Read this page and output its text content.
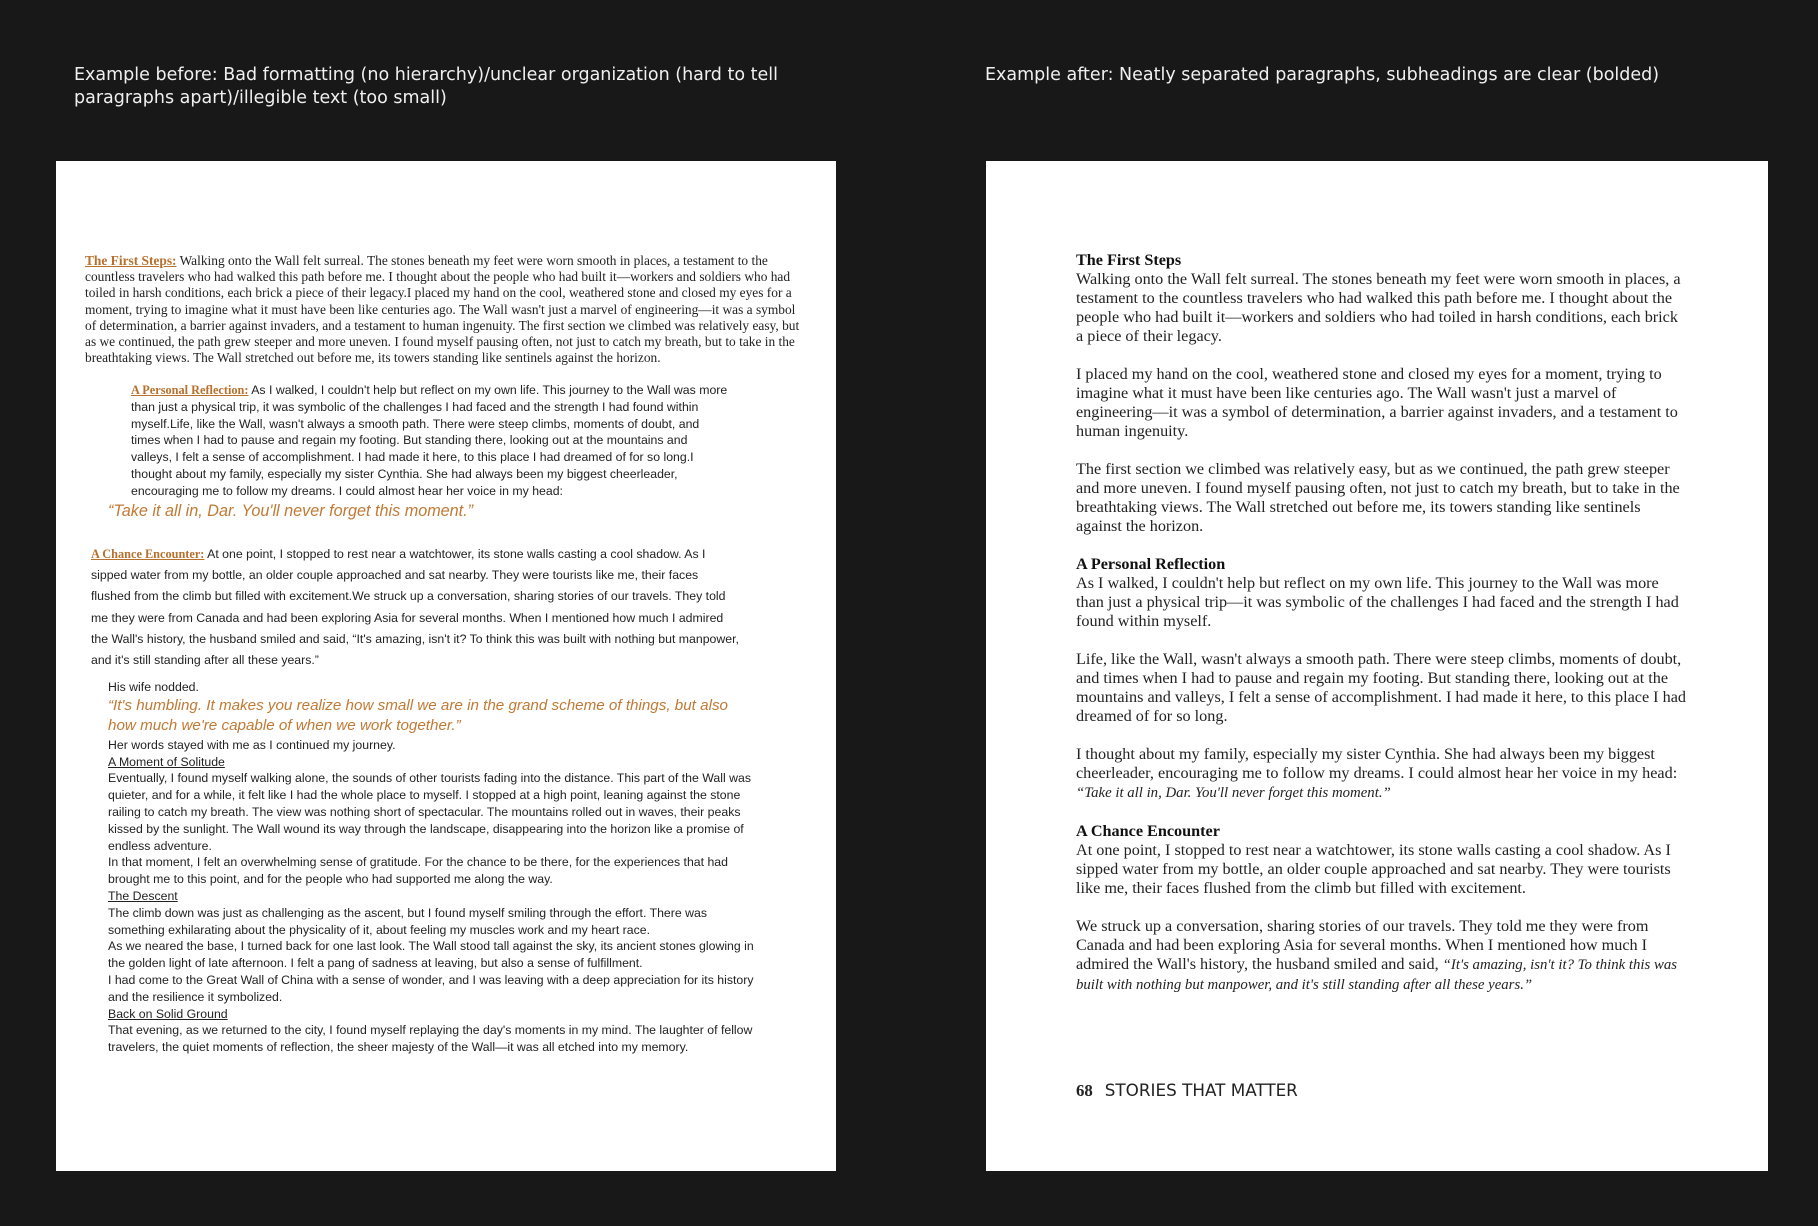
Example before: Bad formatting (no hierarchy)/unclear organization (hard to tell paragraphs apart)/illegible text (too small)
Example after: Neatly separated paragraphs, subheadings are clear (bolded)

The First Steps: Walking onto the Wall felt surreal. The stones beneath my feet were worn smooth in places, a testament to the countless travelers who had walked this path before me. I thought about the people who had built it—workers and soldiers who had toiled in harsh conditions, each brick a piece of their legacy.I placed my hand on the cool, weathered stone and closed my eyes for a moment, trying to imagine what it must have been like centuries ago. The Wall wasn't just a marvel of engineering—it was a symbol of determination, a barrier against invaders, and a testament to human ingenuity. The first section we climbed was relatively easy, but as we continued, the path grew steeper and more uneven. I found myself pausing often, not just to catch my breath, but to take in the breathtaking views. The Wall stretched out before me, its towers standing like sentinels against the horizon.

A Personal Reflection: As I walked, I couldn't help but reflect on my own life. This journey to the Wall was more than just a physical trip, it was symbolic of the challenges I had faced and the strength I had found within myself.Life, like the Wall, wasn't always a smooth path. There were steep climbs, moments of doubt, and times when I had to pause and regain my footing. But standing there, looking out at the mountains and valleys, I felt a sense of accomplishment. I had made it here, to this place I had dreamed of for so long.I thought about my family, especially my sister Cynthia. She had always been my biggest cheerleader, encouraging me to follow my dreams. I could almost hear her voice in my head:

“Take it all in, Dar. You'll never forget this moment.”

A Chance Encounter: At one point, I stopped to rest near a watchtower, its stone walls casting a cool shadow. As I sipped water from my bottle, an older couple approached and sat nearby. They were tourists like me, their faces flushed from the climb but filled with excitement.We struck up a conversation, sharing stories of our travels. They told me they were from Canada and had been exploring Asia for several months. When I mentioned how much I admired the Wall's history, the husband smiled and said, “It's amazing, isn't it? To think this was built with nothing but manpower, and it's still standing after all these years.”

His wife nodded.
“It's humbling. It makes you realize how small we are in the grand scheme of things, but also how much we're capable of when we work together.”
Her words stayed with me as I continued my journey.
A Moment of Solitude
Eventually, I found myself walking alone, the sounds of other tourists fading into the distance. This part of the Wall was quieter, and for a while, it felt like I had the whole place to myself. I stopped at a high point, leaning against the stone railing to catch my breath. The view was nothing short of spectacular. The mountains rolled out in waves, their peaks kissed by the sunlight. The Wall wound its way through the landscape, disappearing into the horizon like a promise of endless adventure.
In that moment, I felt an overwhelming sense of gratitude. For the chance to be there, for the experiences that had brought me to this point, and for the people who had supported me along the way.
The Descent
The climb down was just as challenging as the ascent, but I found myself smiling through the effort. There was something exhilarating about the physicality of it, about feeling my muscles work and my heart race.
As we neared the base, I turned back for one last look. The Wall stood tall against the sky, its ancient stones glowing in the golden light of late afternoon. I felt a pang of sadness at leaving, but also a sense of fulfillment.
I had come to the Great Wall of China with a sense of wonder, and I was leaving with a deep appreciation for its history and the resilience it symbolized.
Back on Solid Ground
That evening, as we returned to the city, I found myself replaying the day's moments in my mind. The laughter of fellow travelers, the quiet moments of reflection, the sheer majesty of the Wall—it was all etched into my memory.
The First Steps

Walking onto the Wall felt surreal. The stones beneath my feet were worn smooth in places, a testament to the countless travelers who had walked this path before me. I thought about the people who had built it—workers and soldiers who had toiled in harsh conditions, each brick a piece of their legacy.

I placed my hand on the cool, weathered stone and closed my eyes for a moment, trying to imagine what it must have been like centuries ago. The Wall wasn't just a marvel of engineering—it was a symbol of determination, a barrier against invaders, and a testament to human ingenuity.

The first section we climbed was relatively easy, but as we continued, the path grew steeper and more uneven. I found myself pausing often, not just to catch my breath, but to take in the breathtaking views. The Wall stretched out before me, its towers standing like sentinels against the horizon.

A Personal Reflection

As I walked, I couldn't help but reflect on my own life. This journey to the Wall was more than just a physical trip—it was symbolic of the challenges I had faced and the strength I had found within myself.

Life, like the Wall, wasn't always a smooth path. There were steep climbs, moments of doubt, and times when I had to pause and regain my footing. But standing there, looking out at the mountains and valleys, I felt a sense of accomplishment. I had made it here, to this place I had dreamed of for so long.

I thought about my family, especially my sister Cynthia. She had always been my biggest cheerleader, encouraging me to follow my dreams. I could almost hear her voice in my head: “Take it all in, Dar. You'll never forget this moment.”

A Chance Encounter

At one point, I stopped to rest near a watchtower, its stone walls casting a cool shadow. As I sipped water from my bottle, an older couple approached and sat nearby. They were tourists like me, their faces flushed from the climb but filled with excitement.

We struck up a conversation, sharing stories of our travels. They told me they were from Canada and had been exploring Asia for several months. When I mentioned how much I admired the Wall's history, the husband smiled and said, “It's amazing, isn't it? To think this was built with nothing but manpower, and it's still standing after all these years.”

68 STORIES THAT MATTER
